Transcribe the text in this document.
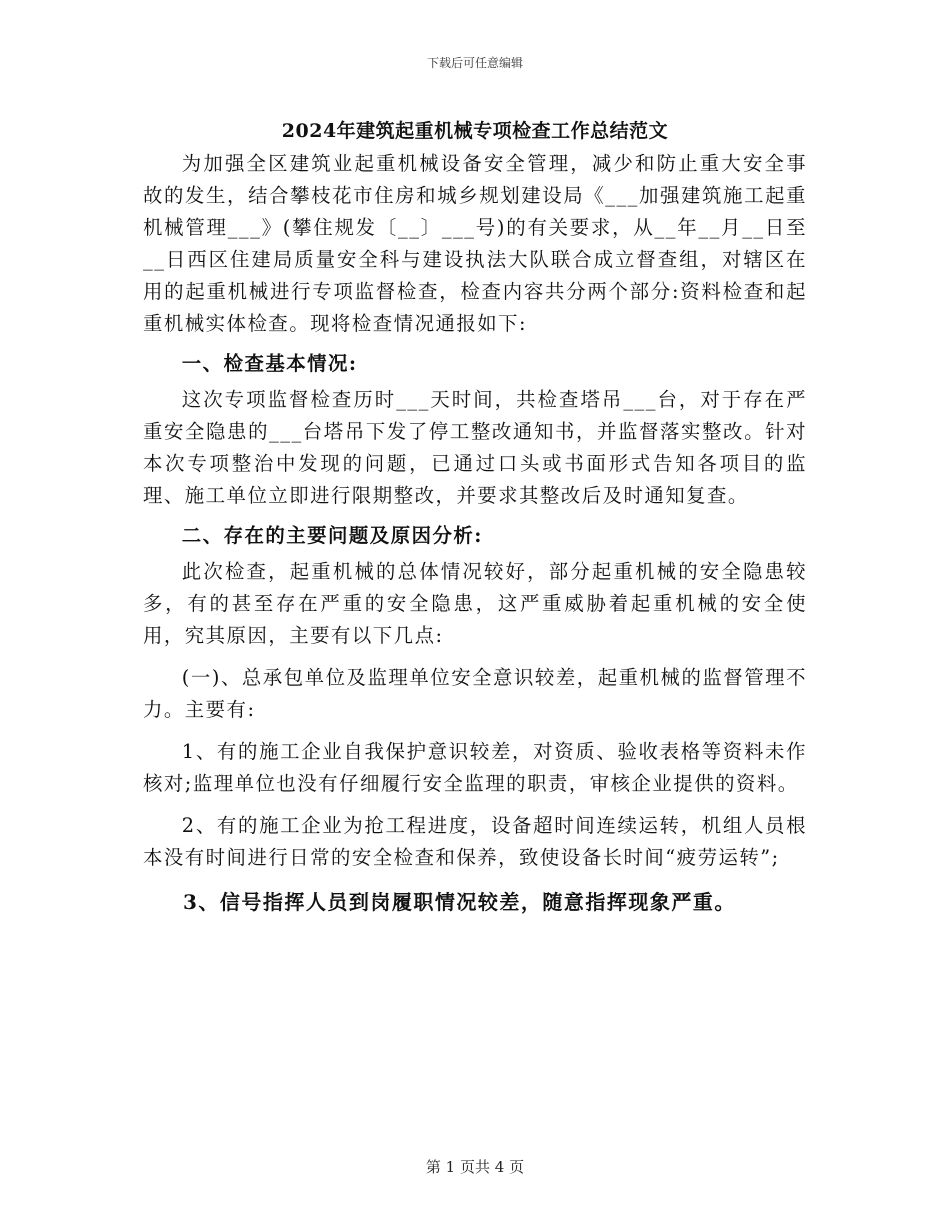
下载后可任意编辑
2024年建筑起重机械专项检查工作总结范文

为加强全区建筑业起重机械设备安全管理，减少和防止重大安全事故的发生，结合攀枝花市住房和城乡规划建设局《___加强建筑施工起重机械管理___》(攀住规发〔__〕___号)的有关要求，从__年__月__日至__日西区住建局质量安全科与建设执法大队联合成立督查组，对辖区在用的起重机械进行专项监督检查，检查内容共分两个部分:资料检查和起重机械实体检查。现将检查情况通报如下:

一、检查基本情况:

这次专项监督检查历时___天时间，共检查塔吊___台，对于存在严重安全隐患的___台塔吊下发了停工整改通知书，并监督落实整改。针对本次专项整治中发现的问题，已通过口头或书面形式告知各项目的监理、施工单位立即进行限期整改，并要求其整改后及时通知复查。

二、存在的主要问题及原因分析:

此次检查，起重机械的总体情况较好，部分起重机械的安全隐患较多，有的甚至存在严重的安全隐患，这严重威胁着起重机械的安全使用，究其原因，主要有以下几点:

(一)、总承包单位及监理单位安全意识较差，起重机械的监督管理不力。主要有:

1、有的施工企业自我保护意识较差，对资质、验收表格等资料未作核对;监理单位也没有仔细履行安全监理的职责，审核企业提供的资料。

2、有的施工企业为抢工程进度，设备超时间连续运转，机组人员根本没有时间进行日常的安全检查和保养，致使设备长时间“疲劳运转”;

3、信号指挥人员到岗履职情况较差，随意指挥现象严重。

第 1 页共 4 页
